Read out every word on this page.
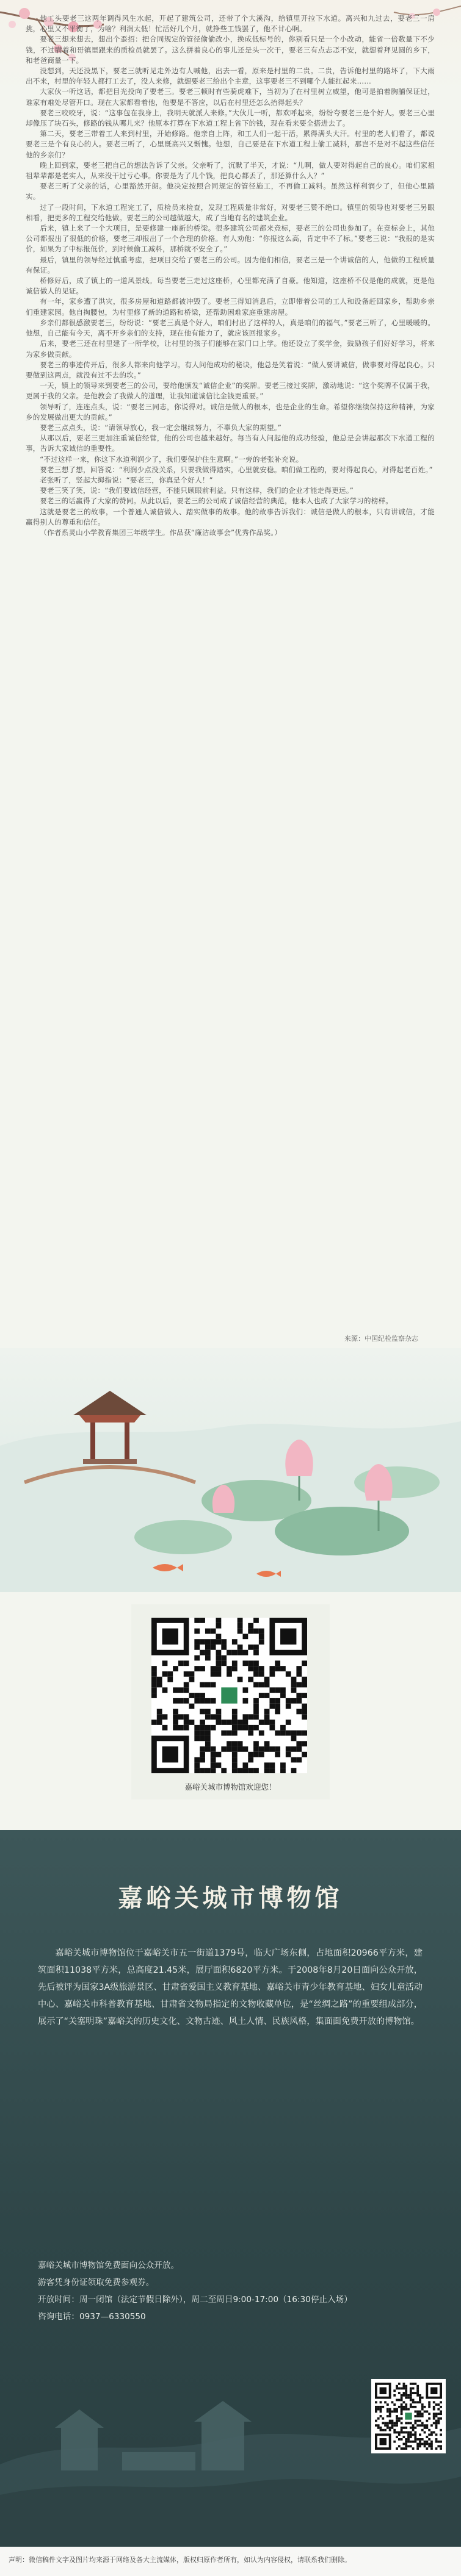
他工头要老三这两年调得风生水起，开起了建筑公司，还带了个大溪沟，给镇里开拉下水道。离兴和九过去，要老三一肩挑，心里又不平衡了，为啥？利润太低！忙活好几个月，就挣些工钱罢了，他不甘心啊。

要老三想来想去，想出个歪招：把合同规定的管径偷偷改小，换成低标号的，你别看只是一个小改动，能省一倍数量下不少钱，不过瞒着和哥镇里跟来的质检员就罢了。这么拼着良心的事儿还是头一次干，要老三有点忐忑不安，就想着拜见圆的乡下，和老爸商量一下。

没想到，天还没黑下，要老三就听见走外边有人喊他，出去一看，原来是村里的二贵。二贵，告诉他村里的路坏了，下大雨出不来，村里的年轻人都打工去了，没人来修，就想要老三给出个主意，这事要老三不到哪个人能扛起来……

大家伙一听这话，都把目光投向了要老三。要老三顿时有些骑虎难下，当初为了在村里树立威望，他可是拍着胸脯保证过，谁家有难处尽管开口。现在大家都看着他，他要是不答应，以后在村里还怎么抬得起头？

要老三咬咬牙，说：“这事包在我身上，我明天就派人来修。”大伙儿一听，都欢呼起来，纷纷夸要老三是个好人。要老三心里却像压了块石头，修路的钱从哪儿来？他原本打算在下水道工程上省下的钱，现在看来要全搭进去了。

第二天，要老三带着工人来到村里，开始修路。他亲自上阵，和工人们一起干活，累得满头大汗。村里的老人们看了，都说要老三是个有良心的人。要老三听了，心里既高兴又惭愧。他想，自己要是在下水道工程上偷工减料，那岂不是对不起这些信任他的乡亲们？

晚上回到家，要老三把自己的想法告诉了父亲。父亲听了，沉默了半天，才说：“儿啊，做人要对得起自己的良心。咱们家祖祖辈辈都是老实人，从来没干过亏心事。你要是为了几个钱，把良心都丢了，那还算什么人？”

要老三听了父亲的话，心里豁然开朗。他决定按照合同规定的管径施工，不再偷工减料。虽然这样利润少了，但他心里踏实。

过了一段时间，下水道工程完工了，质检员来检查，发现工程质量非常好，对要老三赞不绝口。镇里的领导也对要老三另眼相看，把更多的工程交给他做。要老三的公司越做越大，成了当地有名的建筑企业。

后来，镇上来了一个大项目，是要修建一座新的桥梁。很多建筑公司都来竞标，要老三的公司也参加了。在竞标会上，其他公司都报出了很低的价格，要老三却报出了一个合理的价格。有人劝他：“你报这么高，肯定中不了标。”要老三说：“我报的是实价，如果为了中标报低价，到时候偷工减料，那桥就不安全了。”

最后，镇里的领导经过慎重考虑，把项目交给了要老三的公司。因为他们相信，要老三是一个讲诚信的人，他做的工程质量有保证。

桥修好后，成了镇上的一道风景线。每当要老三走过这座桥，心里都充满了自豪。他知道，这座桥不仅是他的成就，更是他诚信做人的见证。

有一年，家乡遭了洪灾，很多房屋和道路都被冲毁了。要老三得知消息后，立即带着公司的工人和设备赶回家乡，帮助乡亲们重建家园。他自掏腰包，为村里修了新的道路和桥梁，还帮助困难家庭重建房屋。

乡亲们都很感激要老三，纷纷说：“要老三真是个好人，咱们村出了这样的人，真是咱们的福气。”要老三听了，心里暖暖的。他想，自己能有今天，离不开乡亲们的支持，现在他有能力了，就应该回报家乡。

后来，要老三还在村里建了一所学校，让村里的孩子们能够在家门口上学。他还设立了奖学金，鼓励孩子们好好学习，将来为家乡做贡献。

要老三的事迹传开后，很多人都来向他学习。有人问他成功的秘诀，他总是笑着说：“做人要讲诚信，做事要对得起良心。只要做到这两点，就没有过不去的坎。”

一天，镇上的领导来到要老三的公司，要给他颁发“诚信企业”的奖牌。要老三接过奖牌，激动地说：“这个奖牌不仅属于我，更属于我的父亲。是他教会了我做人的道理，让我知道诚信比金钱更重要。”

领导听了，连连点头，说：“要老三同志，你说得对。诚信是做人的根本，也是企业的生命。希望你继续保持这种精神，为家乡的发展做出更大的贡献。”

要老三点点头，说：“请领导放心，我一定会继续努力，不辜负大家的期望。”

从那以后，要老三更加注重诚信经营，他的公司也越来越好。每当有人问起他的成功经验，他总是会讲起那次下水道工程的事，告诉大家诚信的重要性。

“不过这样一来，你这下水道利润少了，我们要保护住生意啊。”一旁的老张补充说。

要老三想了想，回答说：“利润少点没关系，只要我做得踏实，心里就安稳。咱们做工程的，要对得起良心，对得起老百姓。”

老张听了，竖起大拇指说：“要老三，你真是个好人！”

要老三笑了笑，说：“我们要诚信经营，不能只顾眼前利益。只有这样，我们的企业才能走得更远。”

要老三的话赢得了大家的赞同。从此以后，要老三的公司成了诚信经营的典范，他本人也成了大家学习的榜样。

这就是要老三的故事，一个普通人诚信做人、踏实做事的故事。他的故事告诉我们：诚信是做人的根本，只有讲诚信，才能赢得别人的尊重和信任。

（作者系灵山小学教育集团三年级学生。作品获“廉洁故事会”优秀作品奖。）

来源：中国纪检监察杂志
嘉峪关城市博物馆欢迎您！
嘉峪关城市博物馆
嘉峪关城市博物馆位于嘉峪关市五一街道1379号，临大广场东侧，占地面积20966平方米，建筑面积11038平方米，总高度21.45米，展厅面积6820平方米。于2008年8月20日面向公众开放，先后被评为国家3A级旅游景区、甘肃省爱国主义教育基地、嘉峪关市青少年教育基地、妇女儿童活动中心、嘉峪关市科普教育基地、甘肃省文物局指定的文物收藏单位，是“丝绸之路”的重要组成部分，展示了“关塞明珠”嘉峪关的历史文化、文物古迹、风土人情、民族风格，集面面免费开放的博物馆。
嘉峪关城市博物馆免费面向公众开放。
游客凭身份证领取免费参观券。
开放时间：周一闭馆（法定节假日除外），周二至周日9:00-17:00（16:30停止入场）
咨询电话：0937—6330550
声明：微信稿件文字及图片均来源于网络及各大主流媒体，版权归原作者所有，如认为内容侵权，请联系我们删除。
